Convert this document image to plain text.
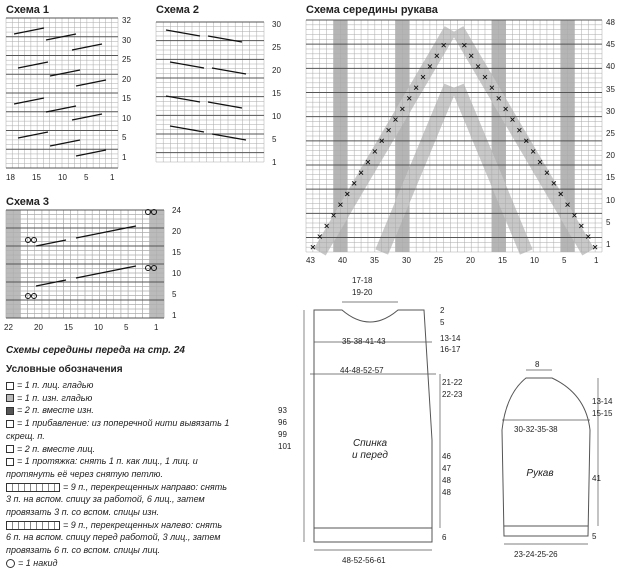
Схема 1
32
30
25
20
15
10
5
1
18 15 10 5	1
Схема 2
30
25
20
15
10
5
1
Схема 3
24
20
15
10
5
1
22	20	15	10	5	1
Схема середины рукава
48
45
40
35
30
25
20
15
10
5
1
43	40	35	30	25	20	15	10	5	1
Схемы середины переда на стр. 24
Условные обозначения
= 1 п. лиц. гладью
= 1 п. изн. гладью
= 2 п. вместе изн.
= 1 прибавление: из поперечной нити вывязать 1
скрещ. п.
= 2 п. вместе лиц.
= 1 протяжка: снять 1 п. как лиц., 1 лиц. и
протянуть её через снятую петлю.
= 9 п., перекрещенных направо: снять
3 п. на вспом. спицу за работой, 6 лиц., затем
провязать 3 п. со вспом. спицы изн.
= 9 п., перекрещенных налево: снять
6 п. на вспом. спицу перед работой, 3 лиц., затем
провязать 6 п. со вспом. спицы лиц.
= 1 накид
17-18
19-20
2
5
35-38-41-43	13-14
16-17
44-48-52-57
21-22
22-23
93
96
99
101
46
47
48
48
6
48-52-56-61
Спинка
и перед
8
13-14
15-15
30-32-35-38
Рукав	41
5
23-24-25-26
